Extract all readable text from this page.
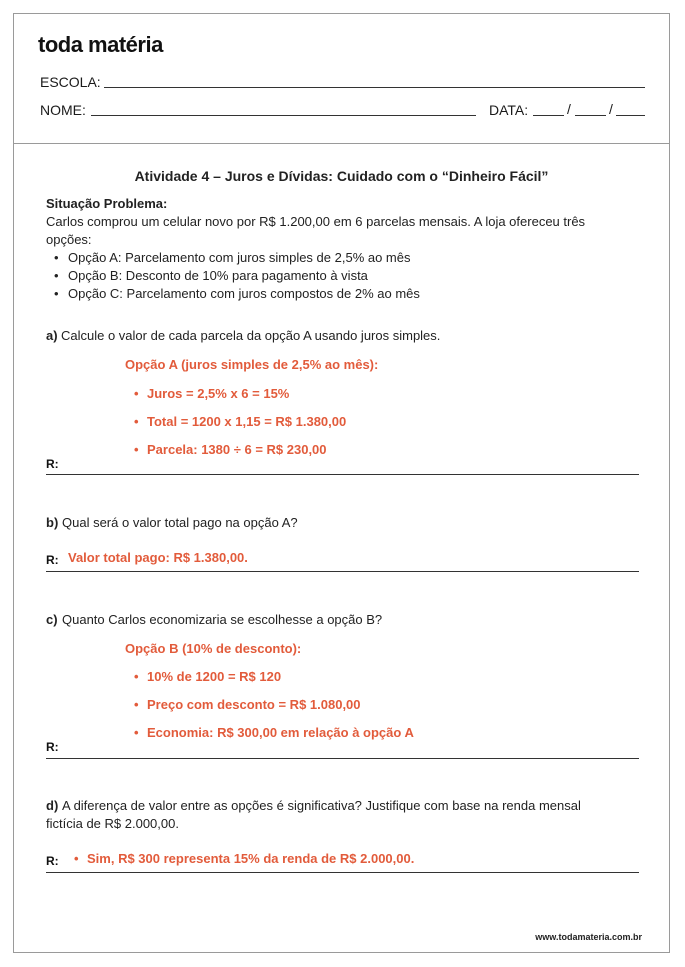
toda matéria
ESCOLA:
NOME:	DATA:	/	/
Atividade 4 – Juros e Dívidas: Cuidado com o “Dinheiro Fácil”
Situação Problema:
Carlos comprou um celular novo por R$ 1.200,00 em 6 parcelas mensais. A loja ofereceu três
opções:
• Opção A: Parcelamento com juros simples de 2,5% ao mês
• Opção B: Desconto de 10% para pagamento à vista
• Opção C: Parcelamento com juros compostos de 2% ao mês
a) Calcule o valor de cada parcela da opção A usando juros simples.
Opção A (juros simples de 2,5% ao mês):
• Juros = 2,5% x 6 = 15%
• Total = 1200 x 1,15 = R$ 1.380,00
• Parcela: 1380 ÷ 6 = R$ 230,00
R:
b) Qual será o valor total pago na opção A?
R: Valor total pago: R$ 1.380,00.
c) Quanto Carlos economizaria se escolhesse a opção B?
Opção B (10% de desconto):
• 10% de 1200 = R$ 120
• Preço com desconto = R$ 1.080,00
• Economia: R$ 300,00 em relação à opção A
R:
d) A diferença de valor entre as opções é significativa? Justifique com base na renda mensal
fictícia de R$ 2.000,00.
R:
•	Sim, R$ 300 representa 15% da renda de R$ 2.000,00.
www.todamateria.com.br
